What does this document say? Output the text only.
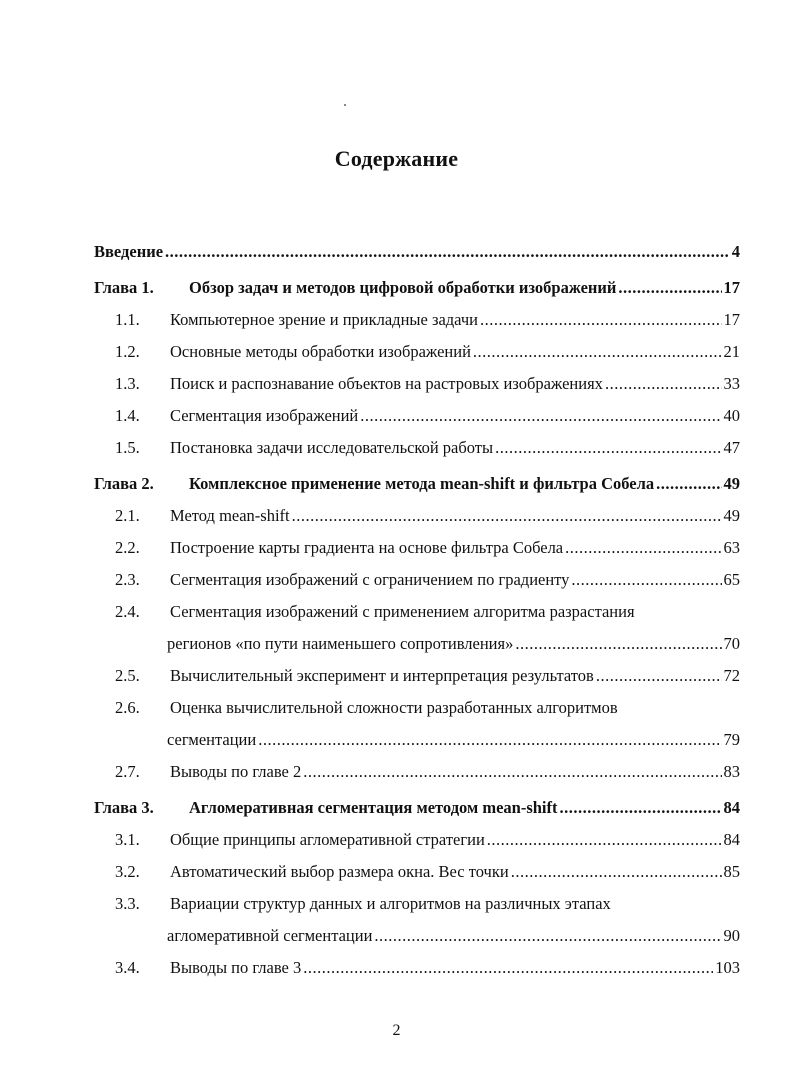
Содержание
Введение .....	4
Глава 1.	Обзор задач и методов цифровой обработки изображений .....	17
1.1.	Компьютерное зрение и прикладные задачи .....	17
1.2.	Основные методы обработки изображений .....	21
1.3.	Поиск и распознавание объектов на растровых изображениях .....	33
1.4.	Сегментация изображений .....	40
1.5.	Постановка задачи исследовательской работы .....	47
Глава 2.	Комплексное применение метода mean-shift и фильтра Собела .....	49
2.1.	Метод mean-shift .....	49
2.2.	Построение карты градиента на основе фильтра Собела .....	63
2.3.	Сегментация изображений с ограничением по градиенту .....	65
2.4.	Сегментация изображений с применением алгоритма разрастания
регионов «по пути наименьшего сопротивления» .....	70
2.5.	Вычислительный эксперимент и интерпретация результатов .....	72
2.6.	Оценка вычислительной сложности разработанных алгоритмов
сегментации .....	79
2.7.	Выводы по главе 2 .....	83
Глава 3.	Агломеративная сегментация методом mean-shift .....	84
3.1.	Общие принципы агломеративной стратегии .....	84
3.2.	Автоматический выбор размера окна. Вес точки .....	85
3.3.	Вариации структур данных и алгоритмов на различных этапах
агломеративной сегментации .....	90
3.4.	Выводы по главе 3 .....	103
2
